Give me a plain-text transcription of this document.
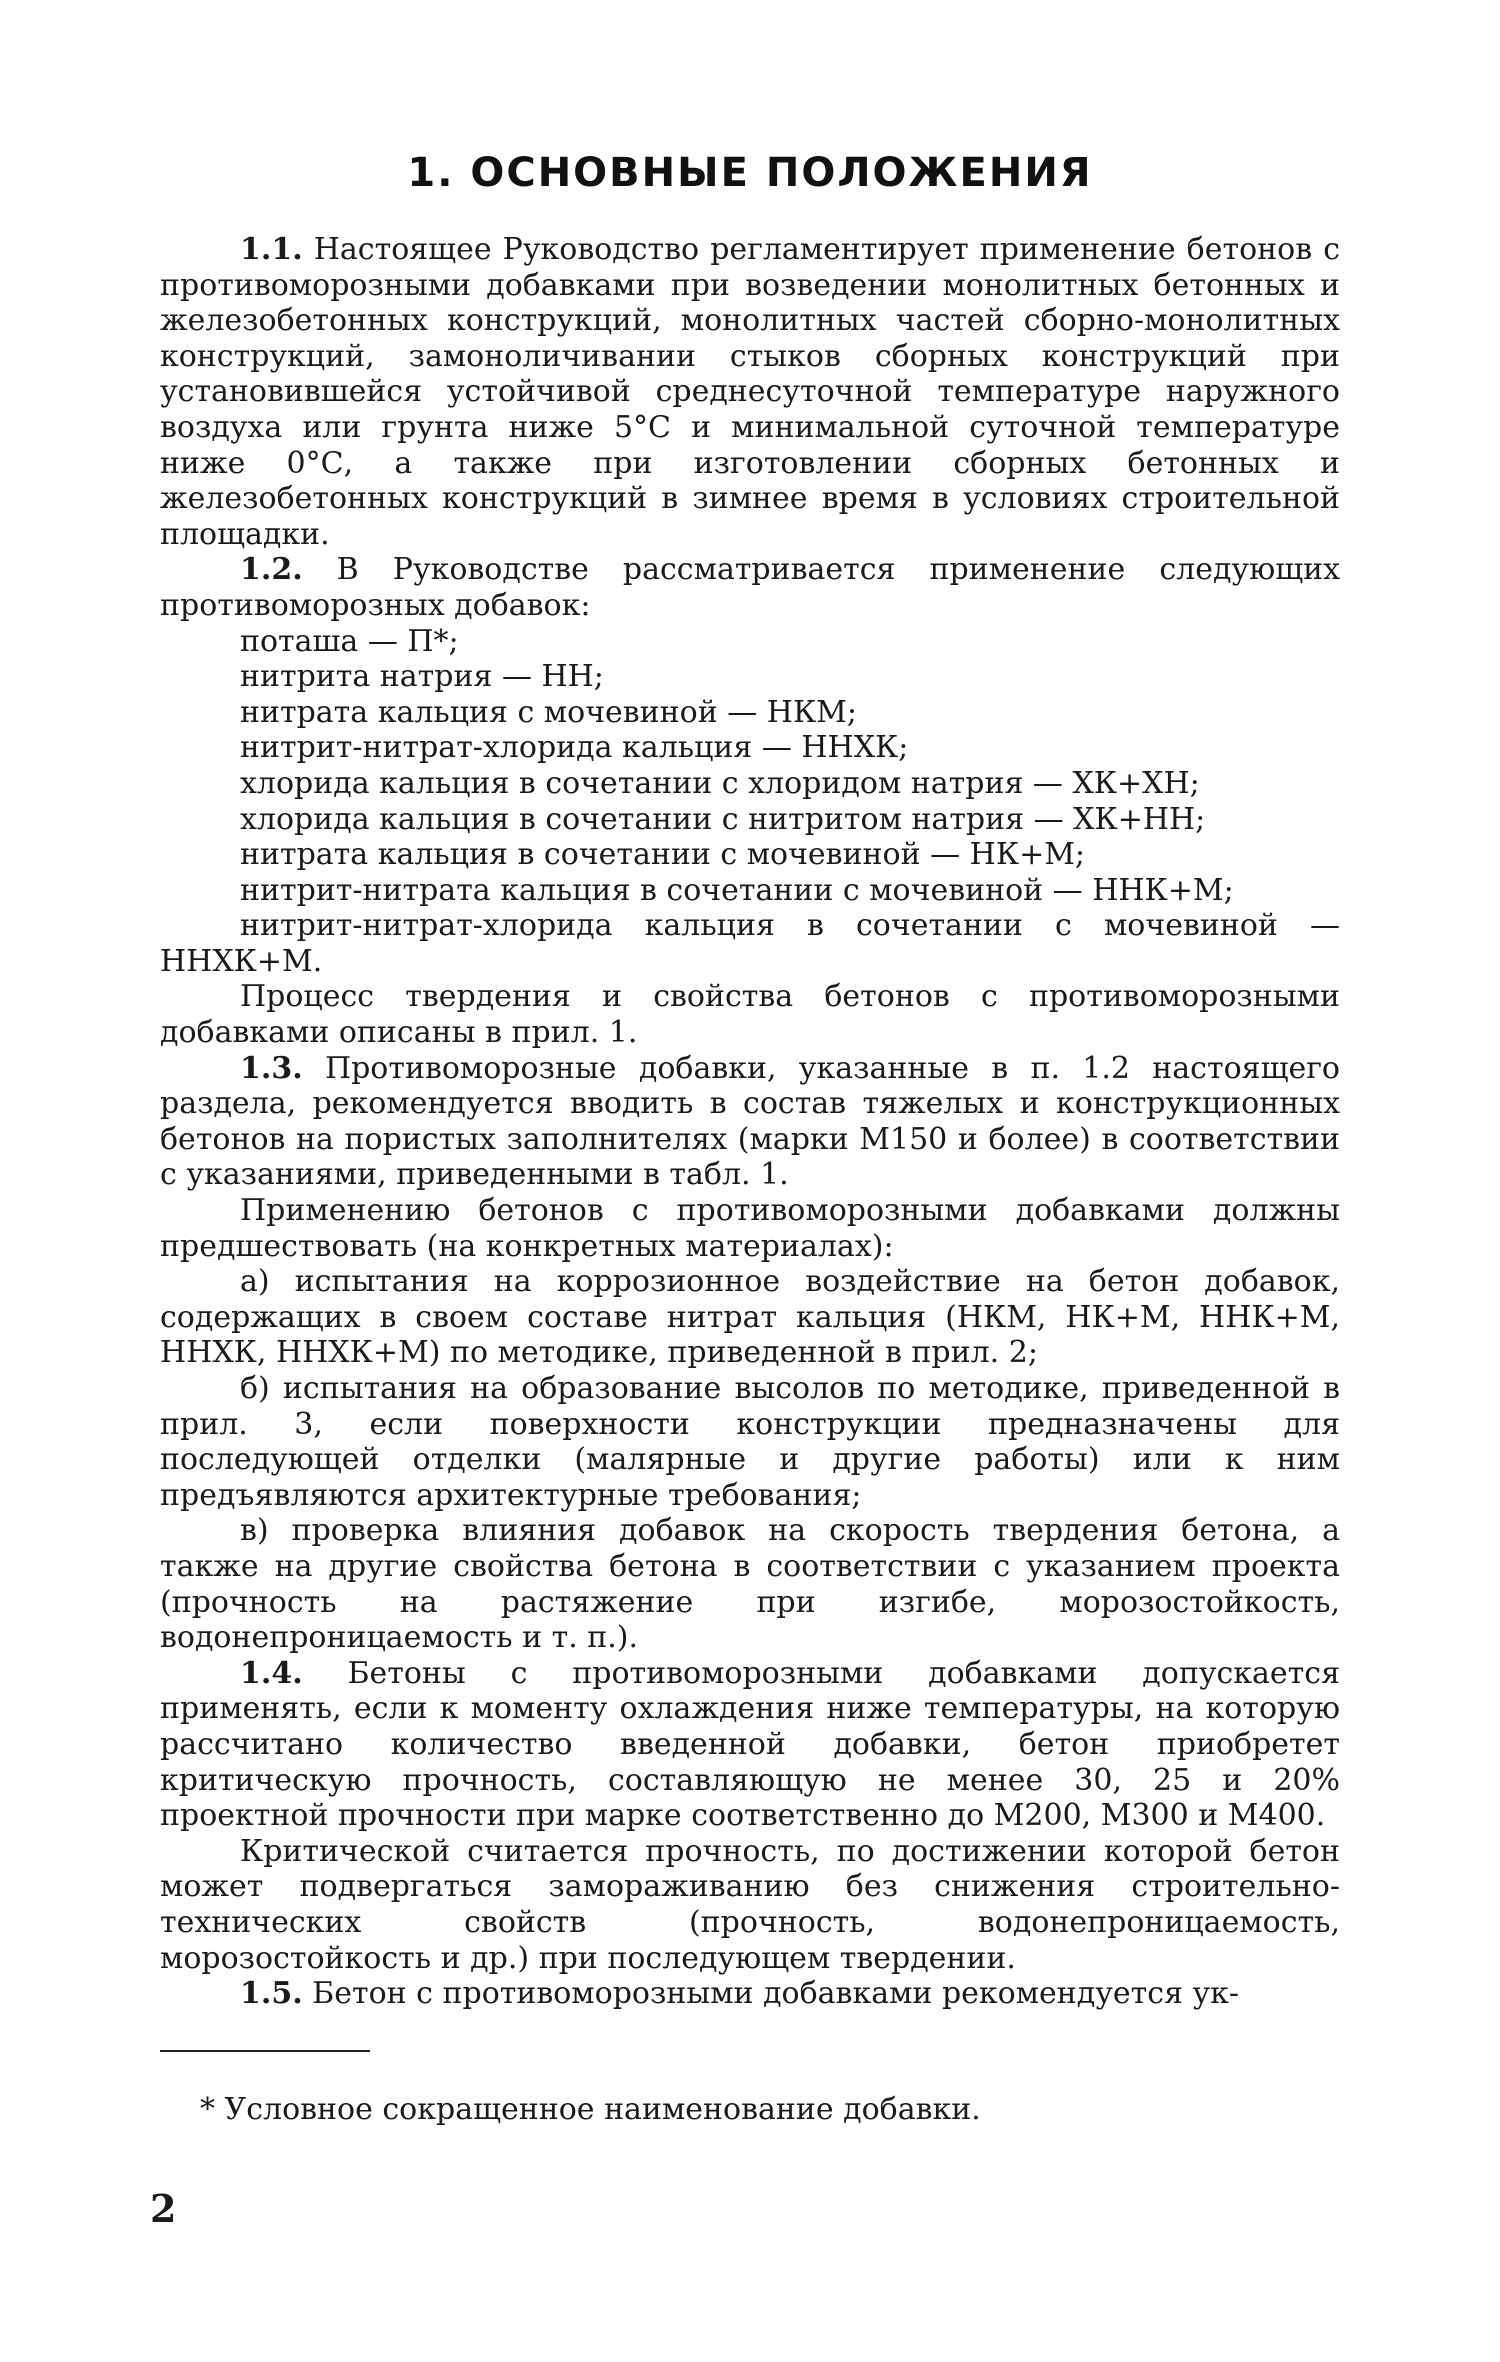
1. ОСНОВНЫЕ ПОЛОЖЕНИЯ

1.1. Настоящее Руководство регламентирует применение бетонов с противоморозными добавками при возведении монолитных бетонных и железобетонных конструкций, монолитных частей сборно-монолитных конструкций, замоноличивании стыков сборных конструкций при установившейся устойчивой среднесуточной температуре наружного воздуха или грунта ниже 5°С и минимальной суточной температуре ниже 0°С, а также при изготовлении сборных бетонных и железобетонных конструкций в зимнее время в условиях строительной площадки.

1.2. В Руководстве рассматривается применение следующих противоморозных добавок:

поташа — П*;

нитрита натрия — НН;

нитрата кальция с мочевиной — НКМ;

нитрит-нитрат-хлорида кальция — ННХК;

хлорида кальция в сочетании с хлоридом натрия — ХК+ХН;

хлорида кальция в сочетании с нитритом натрия — ХК+НН;

нитрата кальция в сочетании с мочевиной — НК+М;

нитрит-нитрата кальция в сочетании с мочевиной — ННК+М;

нитрит-нитрат-хлорида кальция в сочетании с мочевиной — ННХК+М.

Процесс твердения и свойства бетонов с противоморозными добавками описаны в прил. 1.

1.3. Противоморозные добавки, указанные в п. 1.2 настоящего раздела, рекомендуется вводить в состав тяжелых и конструкционных бетонов на пористых заполнителях (марки М150 и более) в соответствии с указаниями, приведенными в табл. 1.

Применению бетонов с противоморозными добавками должны предшествовать (на конкретных материалах):

а) испытания на коррозионное воздействие на бетон добавок, содержащих в своем составе нитрат кальция (НКМ, НК+М, ННК+М, ННХК, ННХК+М) по методике, приведенной в прил. 2;

б) испытания на образование высолов по методике, приведенной в прил. 3, если поверхности конструкции предназначены для последующей отделки (малярные и другие работы) или к ним предъявляются архитектурные требования;

в) проверка влияния добавок на скорость твердения бетона, а также на другие свойства бетона в соответствии с указанием проекта (прочность на растяжение при изгибе, морозостойкость, водонепроницаемость и т. п.).

1.4. Бетоны с противоморозными добавками допускается применять, если к моменту охлаждения ниже температуры, на которую рассчитано количество введенной добавки, бетон приобретет критическую прочность, составляющую не менее 30, 25 и 20% проектной прочности при марке соответственно до М200, М300 и М400.

Критической считается прочность, по достижении которой бетон может подвергаться замораживанию без снижения строительно-технических свойств (прочность, водонепроницаемость, морозостойкость и др.) при последующем твердении.

1.5. Бетон с противоморозными добавками рекомендуется ук-

* Условное сокращенное наименование добавки.
2
